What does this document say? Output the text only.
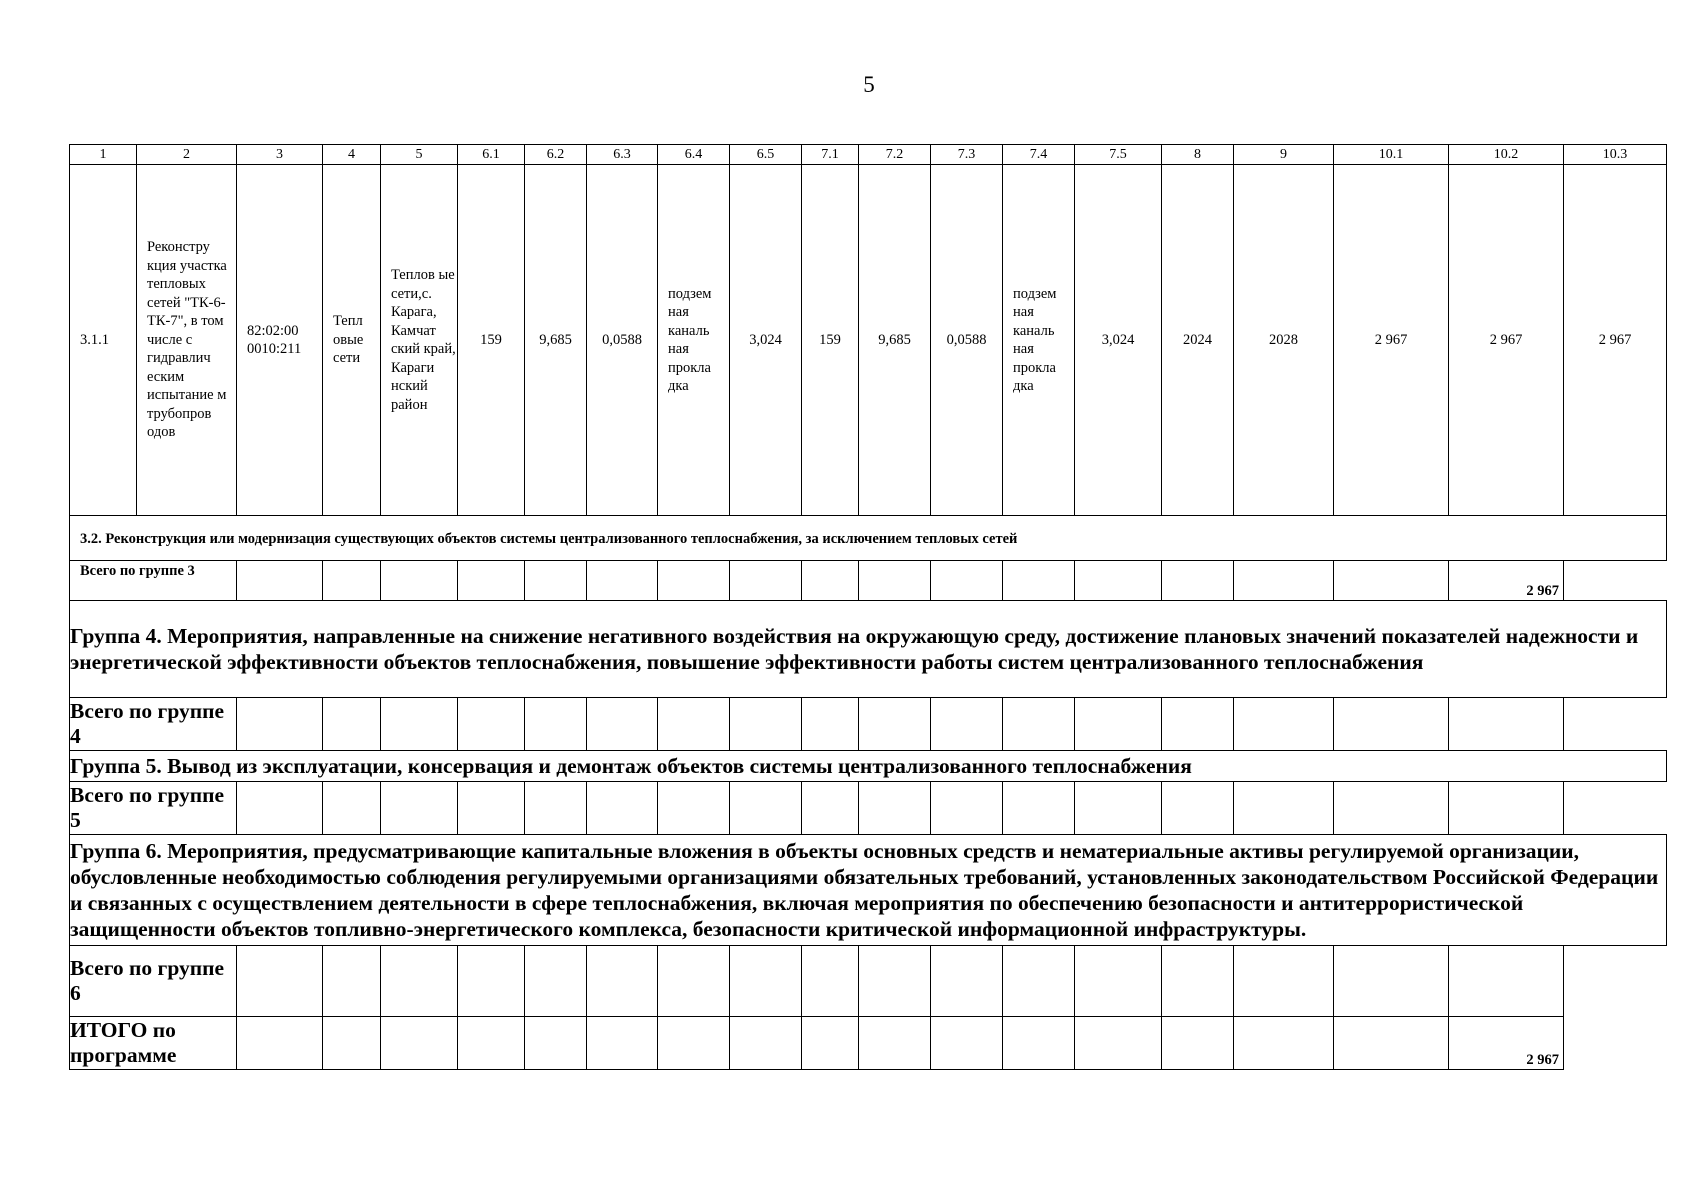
5
1	2	3	4	5	6.1	6.2	6.3	6.4	6.5	7.1	7.2	7.3	7.4	7.5	8	9	10.1	10.2	10.3
3.1.1	Реконстру кция участка тепловых сетей "ТК-6-ТК-7", в том числе с гидравлич еским испытание м трубопров одов	82:02:00 0010:211	Тепл овые сети	Теплов ые сети,с. Карага, Камчат ский край, Караги нский район	159	9,685	0,0588	подзем ная каналь ная прокла дка	3,024	159	9,685	0,0588	подзем ная каналь ная прокла дка	3,024	2024	2028	2 967	2 967	2 967
3.2. Реконструкция или модернизация существующих объектов системы централизованного теплоснабжения, за исключением тепловых сетей																			
Всего по группе 3																		2 967	
Группа 4. Мероприятия, направленные на снижение негативного воздействия на окружающую среду, достижение плановых значений показателей надежности и энергетической эффективности объектов теплоснабжения, повышение эффективности работы систем централизованного теплоснабжения																			
Всего по группе 4																			
Группа 5. Вывод из эксплуатации, консервация и демонтаж объектов системы централизованного теплоснабжения																			
Всего по группе 5																			
Группа 6. Мероприятия, предусматривающие капитальные вложения в объекты основных средств и нематериальные активы регулируемой организации, обусловленные необходимостью соблюдения регулируемыми организациями обязательных требований, установленных законодательством Российской Федерации и связанных с осуществлением деятельности в сфере теплоснабжения, включая мероприятия по обеспечению безопасности и антитеррористической защищенности объектов топливно-энергетического комплекса, безопасности критической информационной инфраструктуры.																			
Всего по группе 6																			
ИТОГО по программе																		2 967	
